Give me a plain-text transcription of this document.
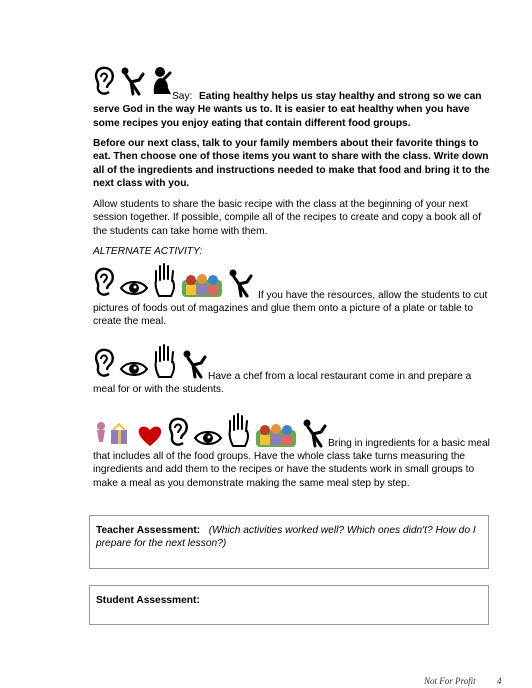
Say: Eating healthy helps us stay healthy and strong so we can serve God in the way He wants us to. It is easier to eat healthy when you have some recipes you enjoy eating that contain different food groups.
Before our next class, talk to your family members about their favorite things to eat. Then choose one of those items you want to share with the class. Write down all of the ingredients and instructions needed to make that food and bring it to the next class with you.
Allow students to share the basic recipe with the class at the beginning of your next session together. If possible, compile all of the recipes to create and copy a book all of the students can take home with them.
ALTERNATE ACTIVITY:
If you have the resources, allow the students to cut
pictures of foods out of magazines and glue them onto a picture of a plate or table to create the meal.
Have a chef from a local restaurant come in and prepare a
meal for or with the students.
Bring in ingredients for a basic meal
that includes all of the food groups. Have the whole class take turns measuring the ingredients and add them to the recipes or have the students work in small groups to make a meal as you demonstrate making the same meal step by step.
Teacher Assessment: (Which activities worked well? Which ones didn't? How do I prepare for the next lesson?)
Student Assessment:
Not For Profit 4
